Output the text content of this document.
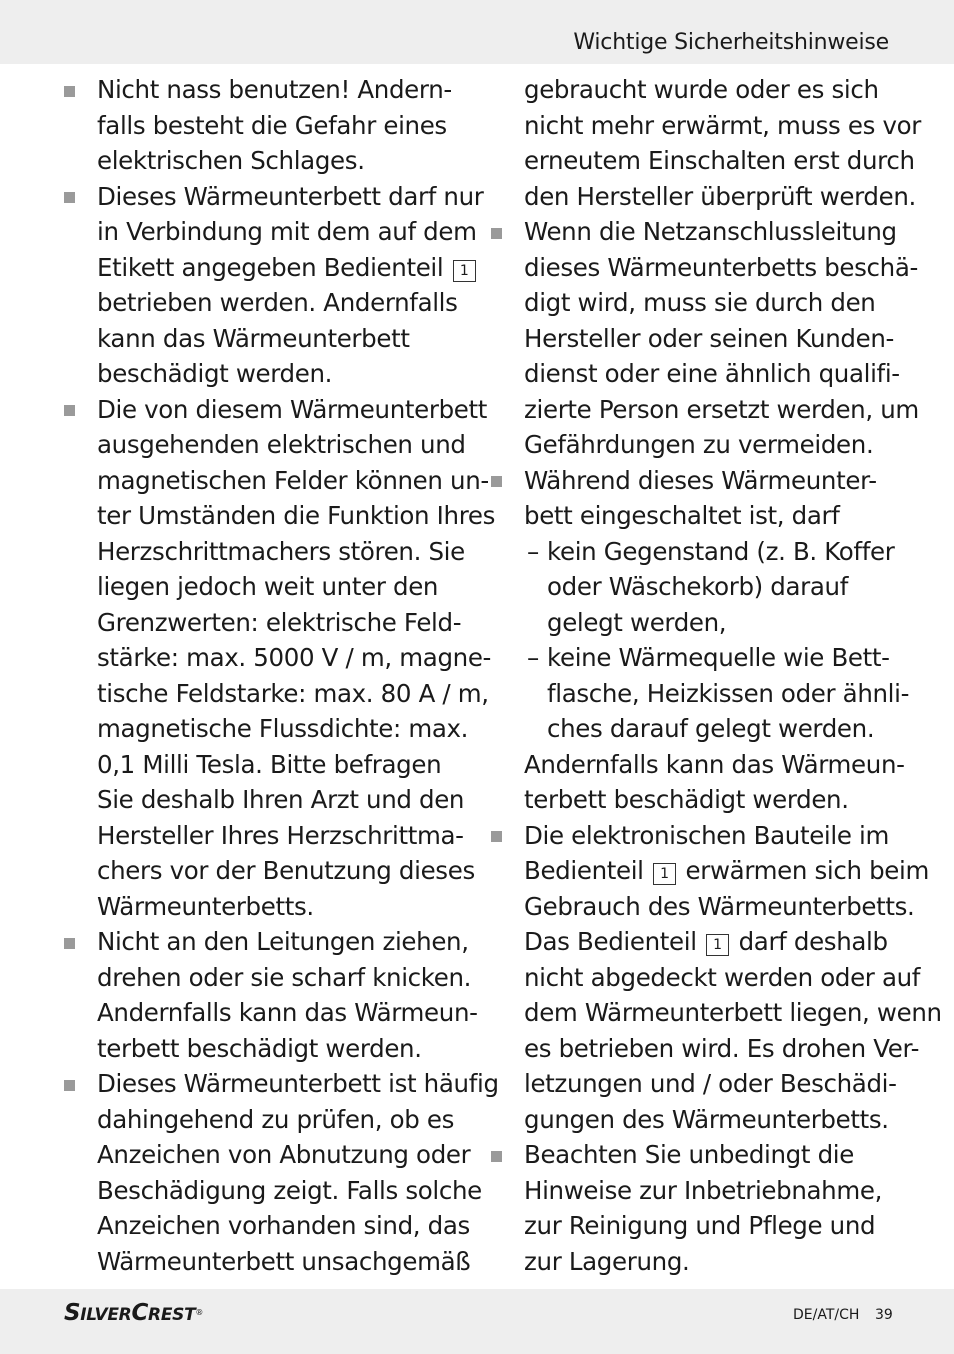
Wichtige Sicherheitshinweise
Nicht nass benutzen! Andern-
falls besteht die Gefahr eines
elektrischen Schlages.
Dieses Wärmeunterbett darf nur
in Verbindung mit dem auf dem
Etikett angegeben Bedienteil 1
betrieben werden. Andernfalls
kann das Wärmeunterbett
beschädigt werden.
Die von diesem Wärmeunterbett
ausgehenden elektrischen und
magnetischen Felder können un-
ter Umständen die Funktion Ihres
Herzschrittmachers stören. Sie
liegen jedoch weit unter den
Grenzwerten: elektrische Feld-
stärke: max. 5000 V / m, magne-
tische Feldstarke: max. 80 A / m,
magnetische Flussdichte: max.
0,1 Milli Tesla. Bitte befragen
Sie deshalb Ihren Arzt und den
Hersteller Ihres Herzschrittma-
chers vor der Benutzung dieses
Wärmeunterbetts.
Nicht an den Leitungen ziehen,
drehen oder sie scharf knicken.
Andernfalls kann das Wärmeun-
terbett beschädigt werden.
Dieses Wärmeunterbett ist häufig
dahingehend zu prüfen, ob es
Anzeichen von Abnutzung oder
Beschädigung zeigt. Falls solche
Anzeichen vorhanden sind, das
Wärmeunterbett unsachgemäß
gebraucht wurde oder es sich
nicht mehr erwärmt, muss es vor
erneutem Einschalten erst durch
den Hersteller überprüft werden.
Wenn die Netzanschlussleitung
dieses Wärmeunterbetts beschä-
digt wird, muss sie durch den
Hersteller oder seinen Kunden-
dienst oder eine ähnlich qualifi-
zierte Person ersetzt werden, um
Gefährdungen zu vermeiden.
Während dieses Wärmeunter-
bett eingeschaltet ist, darf
– kein Gegenstand (z. B. Koffer
oder Wäschekorb) darauf
gelegt werden,
– keine Wärmequelle wie Bett-
flasche, Heizkissen oder ähnli-
ches darauf gelegt werden.
Andernfalls kann das Wärmeun-
terbett beschädigt werden.
Die elektronischen Bauteile im
Bedienteil 1 erwärmen sich beim
Gebrauch des Wärmeunterbetts.
Das Bedienteil 1 darf deshalb
nicht abgedeckt werden oder auf
dem Wärmeunterbett liegen, wenn
es betrieben wird. Es drohen Ver-
letzungen und / oder Beschädi-
gungen des Wärmeunterbetts.
Beachten Sie unbedingt die
Hinweise zur Inbetriebnahme,
zur Reinigung und Pflege und
zur Lagerung.
SILVERCREST®	DE/AT/CH 39
